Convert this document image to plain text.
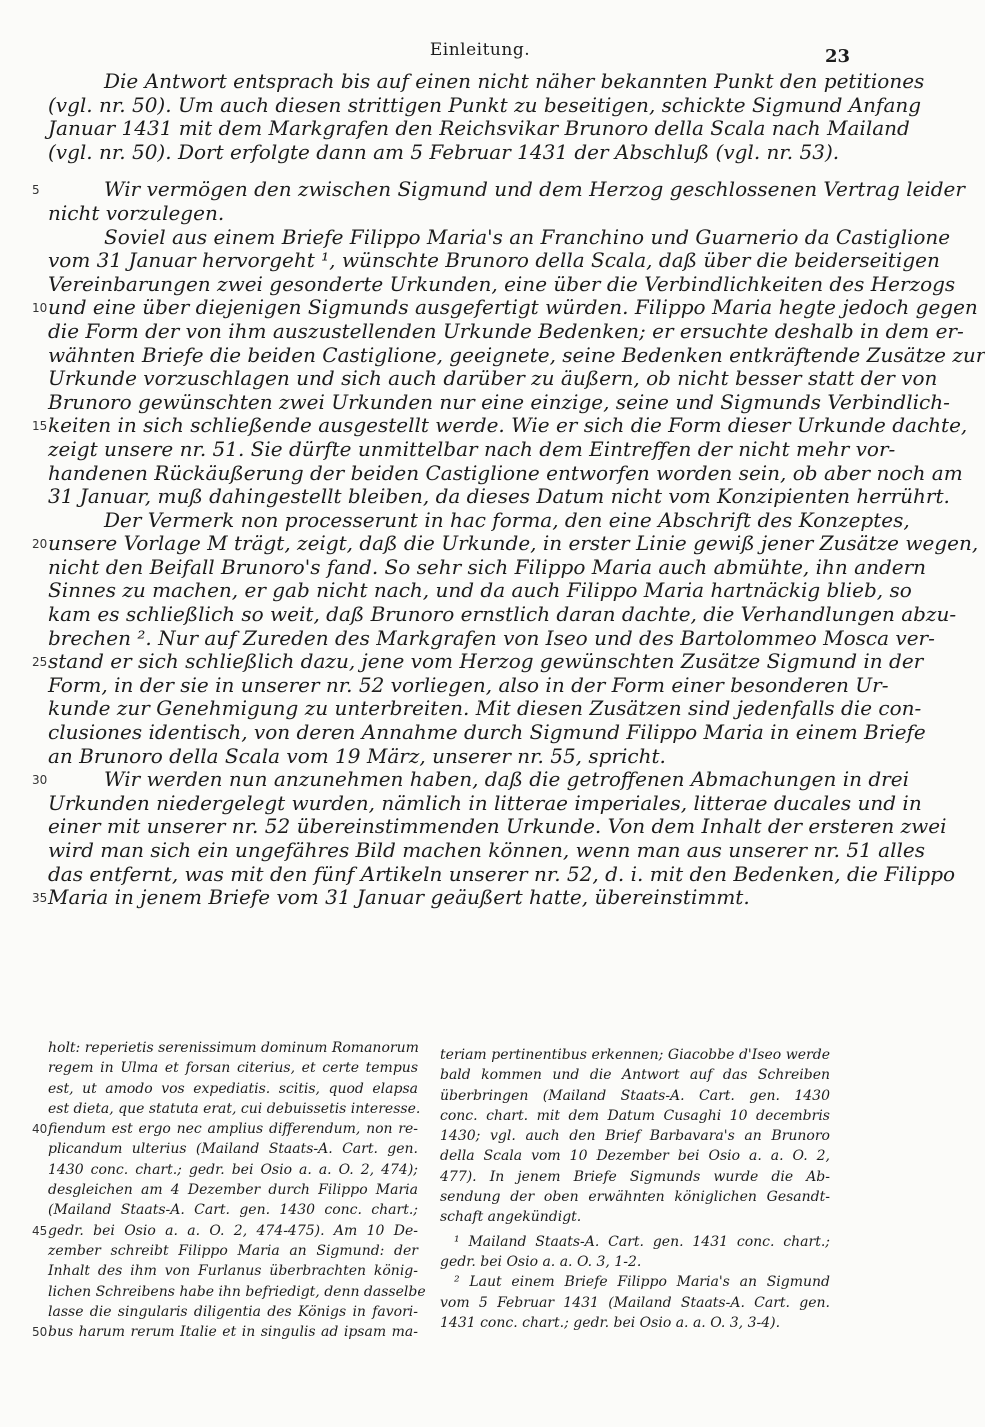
Einleitung.	23
Die Antwort entsprach bis auf einen nicht näher bekannten Punkt den petitiones
(vgl. nr. 50). Um auch diesen strittigen Punkt zu beseitigen, schickte Sigmund Anfang
Januar 1431 mit dem Markgrafen den Reichsvikar Brunoro della Scala nach Mailand
(vgl. nr. 50). Dort erfolgte dann am 5 Februar 1431 der Abschluß (vgl. nr. 53).
Wir vermögen den zwischen Sigmund und dem Herzog geschlossenen Vertrag leider
5
nicht vorzulegen.
Soviel aus einem Briefe Filippo Maria's an Franchino und Guarnerio da Castiglione
vom 31 Januar hervorgeht ¹, wünschte Brunoro della Scala, daß über die beiderseitigen
Vereinbarungen zwei gesonderte Urkunden, eine über die Verbindlichkeiten des Herzogs
und eine über diejenigen Sigmunds ausgefertigt würden. Filippo Maria hegte jedoch gegen
10
die Form der von ihm auszustellenden Urkunde Bedenken; er ersuchte deshalb in dem er-
wähnten Briefe die beiden Castiglione, geeignete, seine Bedenken entkräftende Zusätze zur
Urkunde vorzuschlagen und sich auch darüber zu äußern, ob nicht besser statt der von
Brunoro gewünschten zwei Urkunden nur eine einzige, seine und Sigmunds Verbindlich-
keiten in sich schließende ausgestellt werde. Wie er sich die Form dieser Urkunde dachte,
15
zeigt unsere nr. 51. Sie dürfte unmittelbar nach dem Eintreffen der nicht mehr vor-
handenen Rückäußerung der beiden Castiglione entworfen worden sein, ob aber noch am
31 Januar, muß dahingestellt bleiben, da dieses Datum nicht vom Konzipienten herrührt.
Der Vermerk non processerunt in hac forma, den eine Abschrift des Konzeptes,
unsere Vorlage M trägt, zeigt, daß die Urkunde, in erster Linie gewiß jener Zusätze wegen,
20
nicht den Beifall Brunoro's fand. So sehr sich Filippo Maria auch abmühte, ihn andern
Sinnes zu machen, er gab nicht nach, und da auch Filippo Maria hartnäckig blieb, so
kam es schließlich so weit, daß Brunoro ernstlich daran dachte, die Verhandlungen abzu-
brechen ². Nur auf Zureden des Markgrafen von Iseo und des Bartolommeo Mosca ver-
stand er sich schließlich dazu, jene vom Herzog gewünschten Zusätze Sigmund in der
25
Form, in der sie in unserer nr. 52 vorliegen, also in der Form einer besonderen Ur-
kunde zur Genehmigung zu unterbreiten. Mit diesen Zusätzen sind jedenfalls die con-
clusiones identisch, von deren Annahme durch Sigmund Filippo Maria in einem Briefe
an Brunoro della Scala vom 19 März, unserer nr. 55, spricht.
Wir werden nun anzunehmen haben, daß die getroffenen Abmachungen in drei
30
Urkunden niedergelegt wurden, nämlich in litterae imperiales, litterae ducales und in
einer mit unserer nr. 52 übereinstimmenden Urkunde. Von dem Inhalt der ersteren zwei
wird man sich ein ungefähres Bild machen können, wenn man aus unserer nr. 51 alles
das entfernt, was mit den fünf Artikeln unserer nr. 52, d. i. mit den Bedenken, die Filippo
Maria in jenem Briefe vom 31 Januar geäußert hatte, übereinstimmt.
35
holt: reperietis serenissimum dominum Romanorum
regem in Ulma et forsan citerius, et certe tempus
est, ut amodo vos expediatis. scitis, quod elapsa
est dieta, que statuta erat, cui debuissetis interesse.
fiendum est ergo nec amplius differendum, non re-
40
plicandum ulterius (Mailand Staats-A. Cart. gen.
1430 conc. chart.; gedr. bei Osio a. a. O. 2, 474);
desgleichen am 4 Dezember durch Filippo Maria
(Mailand Staats-A. Cart. gen. 1430 conc. chart.;
gedr. bei Osio a. a. O. 2, 474-475). Am 10 De-
45
zember schreibt Filippo Maria an Sigmund: der
Inhalt des ihm von Furlanus überbrachten könig-
lichen Schreibens habe ihn befriedigt, denn dasselbe
lasse die singularis diligentia des Königs in favori-
bus harum rerum Italie et in singulis ad ipsam ma-
50
teriam pertinentibus erkennen; Giacobbe d'Iseo werde
bald kommen und die Antwort auf das Schreiben
überbringen (Mailand Staats-A. Cart. gen. 1430
conc. chart. mit dem Datum Cusaghi 10 decembris
1430; vgl. auch den Brief Barbavara's an Brunoro
della Scala vom 10 Dezember bei Osio a. a. O. 2,
477). In jenem Briefe Sigmunds wurde die Ab-
sendung der oben erwähnten königlichen Gesandt-
schaft angekündigt.
¹ Mailand Staats-A. Cart. gen. 1431 conc. chart.;
gedr. bei Osio a. a. O. 3, 1-2.
² Laut einem Briefe Filippo Maria's an Sigmund
vom 5 Februar 1431 (Mailand Staats-A. Cart. gen.
1431 conc. chart.; gedr. bei Osio a. a. O. 3, 3-4).
